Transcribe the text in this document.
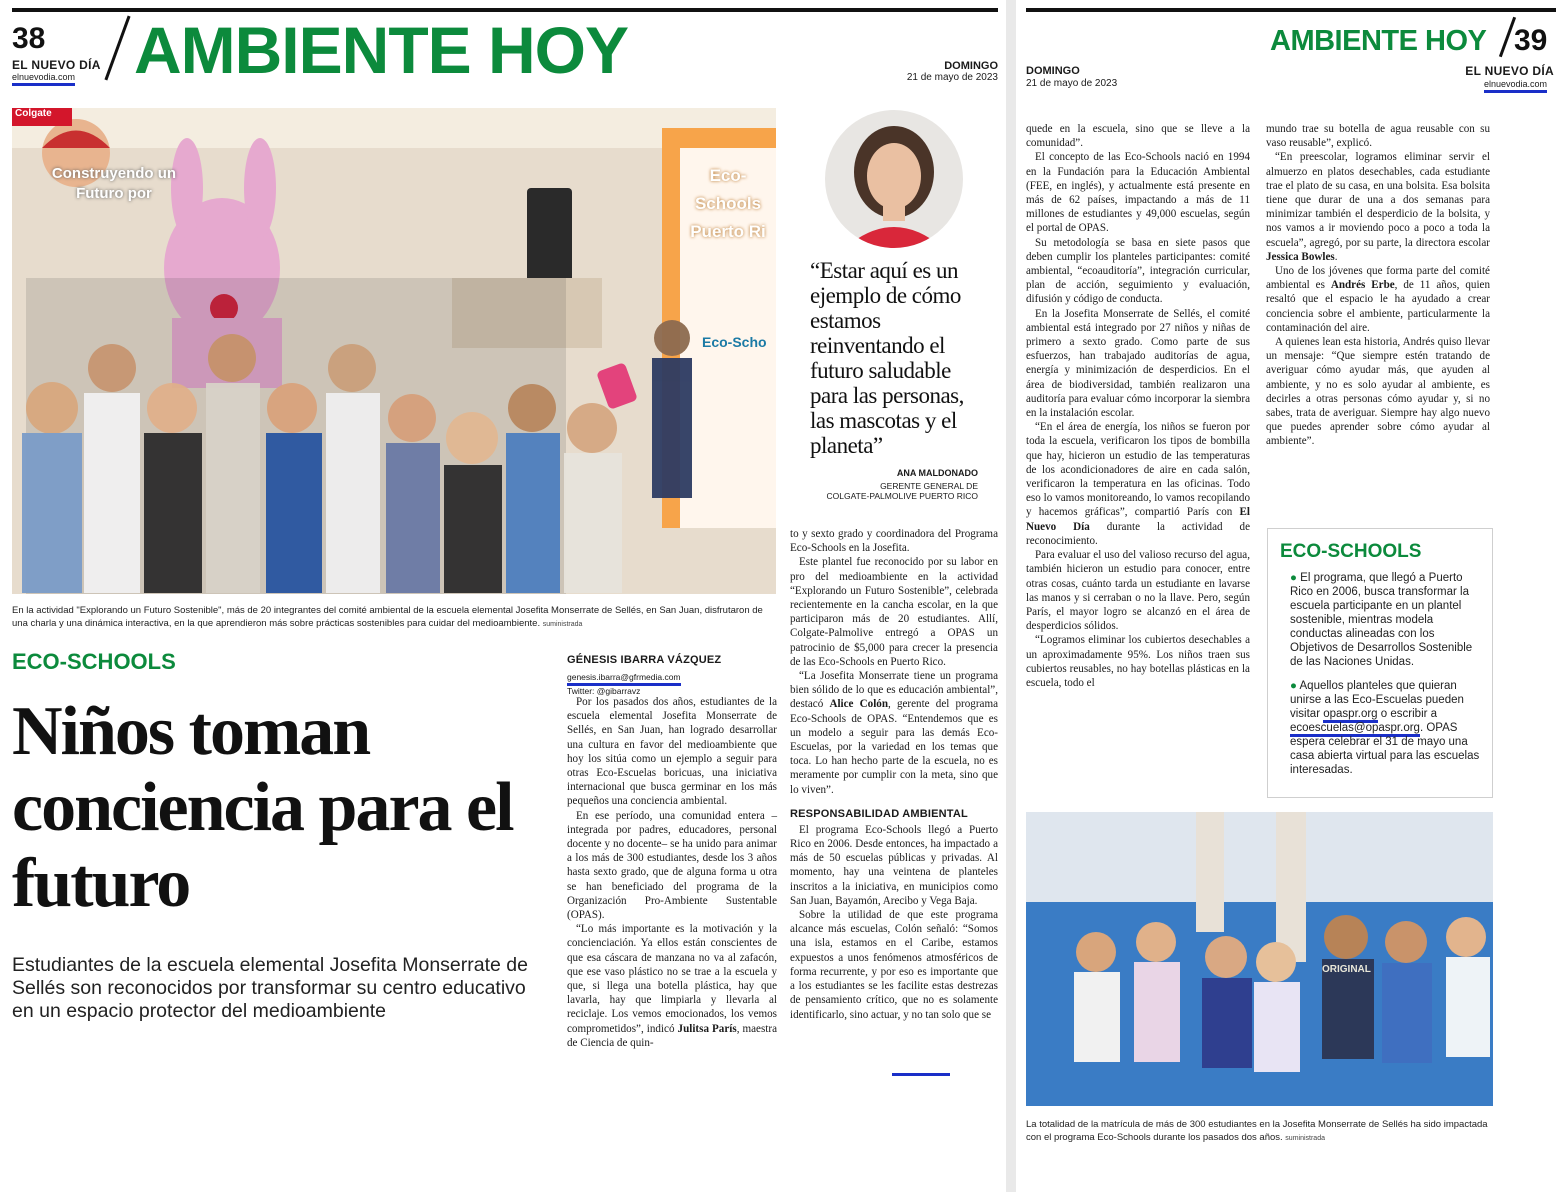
38
EL NUEVO DÍA
elnuevodia.com AMBIENTE HOY	DOMINGO
21 de mayo de 2023
Colgate
Construyendo un Futuro por
Eco-Schools Puerto Ri
Eco-Scho
En la actividad "Explorando un Futuro Sostenible", más de 20 integrantes del comité ambiental de la escuela elemental Josefita Monserrate de Sellés, en San Juan, disfrutaron de una charla y una dinámica interactiva, en la que aprendieron más sobre prácticas sostenibles para cuidar del medioambiente. suministrada
ECO-SCHOOLS
Niños toman conciencia para el futuro
Estudiantes de la escuela elemental Josefita Monserrate de Sellés son reconocidos por transformar su centro educativo en un espacio protector del medioambiente
GÉNESIS IBARRA VÁZQUEZ
genesis.ibarra@gfrmedia.com
Twitter: @gibarravz

Por los pasados dos años, estudiantes de la escuela elemental Josefita Monserrate de Sellés, en San Juan, han logrado desarrollar una cultura en favor del medioambiente que hoy los sitúa como un ejemplo a seguir para otras Eco-Escuelas boricuas, una iniciativa internacional que busca germinar en los más pequeños una conciencia ambiental.

En ese período, una comunidad entera –integrada por padres, educadores, personal docente y no docente– se ha unido para animar a los más de 300 estudiantes, desde los 3 años hasta sexto grado, que de alguna forma u otra se han beneficiado del programa de la Organización Pro-Ambiente Sustentable (OPAS).

“Lo más importante es la motivación y la concienciación. Ya ellos están conscientes de que esa cáscara de manzana no va al zafacón, que ese vaso plástico no se trae a la escuela y que, si llega una botella plástica, hay que lavarla, hay que limpiarla y llevarla al reciclaje. Los vemos emocionados, los vemos comprometidos”, indicó Julitsa París, maestra de Ciencia de quin-

“Estar aquí es un ejemplo de cómo estamos reinventando el futuro saludable para las personas, las mascotas y el planeta”
ANA MALDONADO
GERENTE GENERAL DE
COLGATE-PALMOLIVE PUERTO RICO

to y sexto grado y coordinadora del Programa Eco-Schools en la Josefita.

Este plantel fue reconocido por su labor en pro del medioambiente en la actividad “Explorando un Futuro Sostenible”, celebrada recientemente en la cancha escolar, en la que participaron más de 20 estudiantes. Allí, Colgate-Palmolive entregó a OPAS un patrocinio de $5,000 para crecer la presencia de las Eco-Schools en Puerto Rico.

“La Josefita Monserrate tiene un programa bien sólido de lo que es educación ambiental”, destacó Alice Colón, gerente del programa Eco-Schools de OPAS. “Entendemos que es un modelo a seguir para las demás Eco-Escuelas, por la variedad en los temas que toca. Lo han hecho parte de la escuela, no es meramente por cumplir con la meta, sino que lo viven”.

RESPONSABILIDAD AMBIENTAL

El programa Eco-Schools llegó a Puerto Rico en 2006. Desde entonces, ha impactado a más de 50 escuelas públicas y privadas. Al momento, hay una veintena de planteles inscritos a la iniciativa, en municipios como San Juan, Bayamón, Arecibo y Vega Baja.

Sobre la utilidad de que este programa alcance más escuelas, Colón señaló: “Somos una isla, estamos en el Caribe, estamos expuestos a unos fenómenos atmosféricos de forma recurrente, y por eso es importante que a los estudiantes se les facilite estas destrezas de pensamiento crítico, que no es solamente identificarlo, sino actuar, y no tan solo que se

AMBIENTE HOY 39
EL NUEVO DÍA
elnuevodia.com
DOMINGO
21 de mayo de 2023

quede en la escuela, sino que se lleve a la comunidad”.

El concepto de las Eco-Schools nació en 1994 en la Fundación para la Educación Ambiental (FEE, en inglés), y actualmente está presente en más de 62 países, impactando a más de 11 millones de estudiantes y 49,000 escuelas, según el portal de OPAS.

Su metodología se basa en siete pasos que deben cumplir los planteles participantes: comité ambiental, “ecoauditoría”, integración curricular, plan de acción, seguimiento y evaluación, difusión y código de conducta.

En la Josefita Monserrate de Sellés, el comité ambiental está integrado por 27 niños y niñas de primero a sexto grado. Como parte de sus esfuerzos, han trabajado auditorías de agua, energía y minimización de desperdicios. En el área de biodiversidad, también realizaron una auditoría para evaluar cómo incorporar la siembra en la instalación escolar.

“En el área de energía, los niños se fueron por toda la escuela, verificaron los tipos de bombilla que hay, hicieron un estudio de las temperaturas de los acondicionadores de aire en cada salón, verificaron la temperatura en las oficinas. Todo eso lo vamos monitoreando, lo vamos recopilando y hacemos gráficas”, compartió París con El Nuevo Día durante la actividad de reconocimiento.

Para evaluar el uso del valioso recurso del agua, también hicieron un estudio para conocer, entre otras cosas, cuánto tarda un estudiante en lavarse las manos y si cerraban o no la llave. Pero, según París, el mayor logro se alcanzó en el área de desperdicios sólidos.

“Logramos eliminar los cubiertos desechables a un aproximadamente 95%. Los niños traen sus cubiertos reusables, no hay botellas plásticas en la escuela, todo el

mundo trae su botella de agua reusable con su vaso reusable”, explicó.

“En preescolar, logramos eliminar servir el almuerzo en platos desechables, cada estudiante trae el plato de su casa, en una bolsita. Esa bolsita tiene que durar de una a dos semanas para minimizar también el desperdicio de la bolsita, y nos vamos a ir moviendo poco a poco a toda la escuela”, agregó, por su parte, la directora escolar Jessica Bowles.

Uno de los jóvenes que forma parte del comité ambiental es Andrés Erbe, de 11 años, quien resaltó que el espacio le ha ayudado a crear conciencia sobre el ambiente, particularmente la contaminación del aire.

A quienes lean esta historia, Andrés quiso llevar un mensaje: “Que siempre estén tratando de averiguar cómo ayudar más, que ayuden al ambiente, y no es solo ayudar al ambiente, es decirles a otras personas cómo ayudar y, si no sabes, trata de averiguar. Siempre hay algo nuevo que puedes aprender sobre cómo ayudar al ambiente”.

ECO-SCHOOLS

● El programa, que llegó a Puerto Rico en 2006, busca transformar la escuela participante en un plantel sostenible, mientras modela conductas alineadas con los Objetivos de Desarrollos Sostenible de las Naciones Unidas.

● Aquellos planteles que quieran unirse a las Eco-Escuelas pueden visitar opaspr.org o escribir a ecoescuelas@opaspr.org. OPAS espera celebrar el 31 de mayo una casa abierta virtual para las escuelas interesadas.

ORIGINAL
La totalidad de la matrícula de más de 300 estudiantes en la Josefita Monserrate de Sellés ha sido impactada con el programa Eco-Schools durante los pasados dos años. suministrada
